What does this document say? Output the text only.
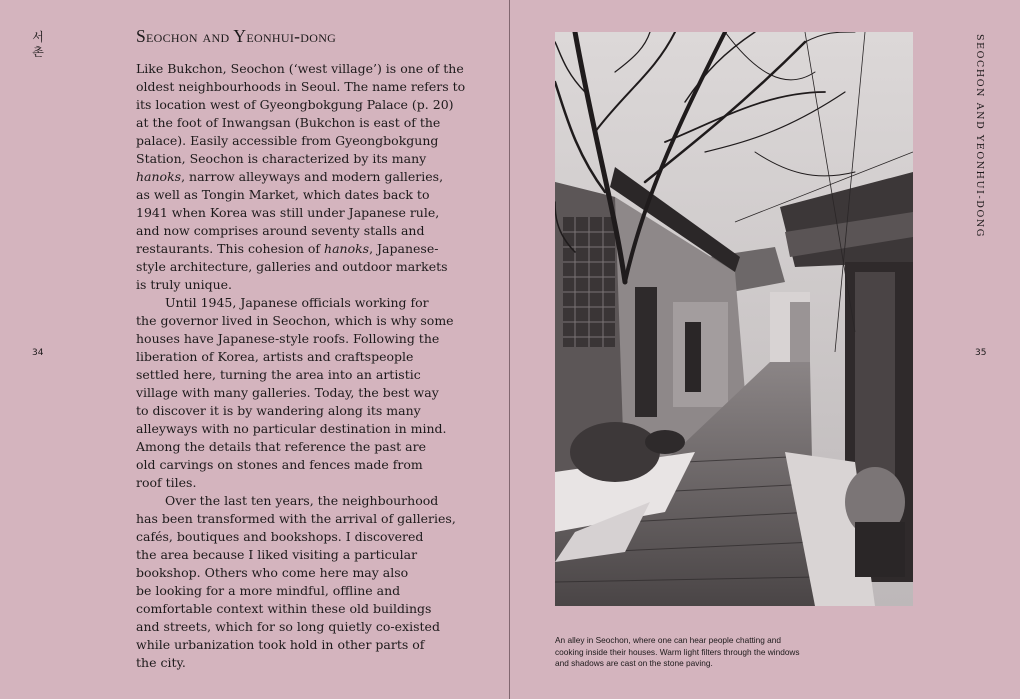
서
촌
34
Seochon and Yeonhui-dong
Like Bukchon, Seochon (‘west village’) is one of the
oldest neighbourhoods in Seoul. The name refers to
its location west of Gyeongbokgung Palace (p. 20)
at the foot of Inwangsan (Bukchon is east of the
palace). Easily accessible from Gyeongbokgung
Station, Seochon is characterized by its many
hanoks, narrow alleyways and modern galleries,
as well as Tongin Market, which dates back to
1941 when Korea was still under Japanese rule,
and now comprises around seventy stalls and
restaurants. This cohesion of hanoks, Japanese-
style architecture, galleries and outdoor markets
is truly unique.
Until 1945, Japanese officials working for
the governor lived in Seochon, which is why some
houses have Japanese-style roofs. Following the
liberation of Korea, artists and craftspeople
settled here, turning the area into an artistic
village with many galleries. Today, the best way
to discover it is by wandering along its many
alleyways with no particular destination in mind.
Among the details that reference the past are
old carvings on stones and fences made from
roof tiles.
Over the last ten years, the neighbourhood
has been transformed with the arrival of galleries,
cafés, boutiques and bookshops. I discovered
the area because I liked visiting a particular
bookshop. Others who come here may also
be looking for a more mindful, offline and
comfortable context within these old buildings
and streets, which for so long quietly co-existed
while urbanization took hold in other parts of
the city.
SEOCHON AND YEONHUI-DONG
35
An alley in Seochon, where one can hear people chatting and
cooking inside their houses. Warm light filters through the windows
and shadows are cast on the stone paving.
